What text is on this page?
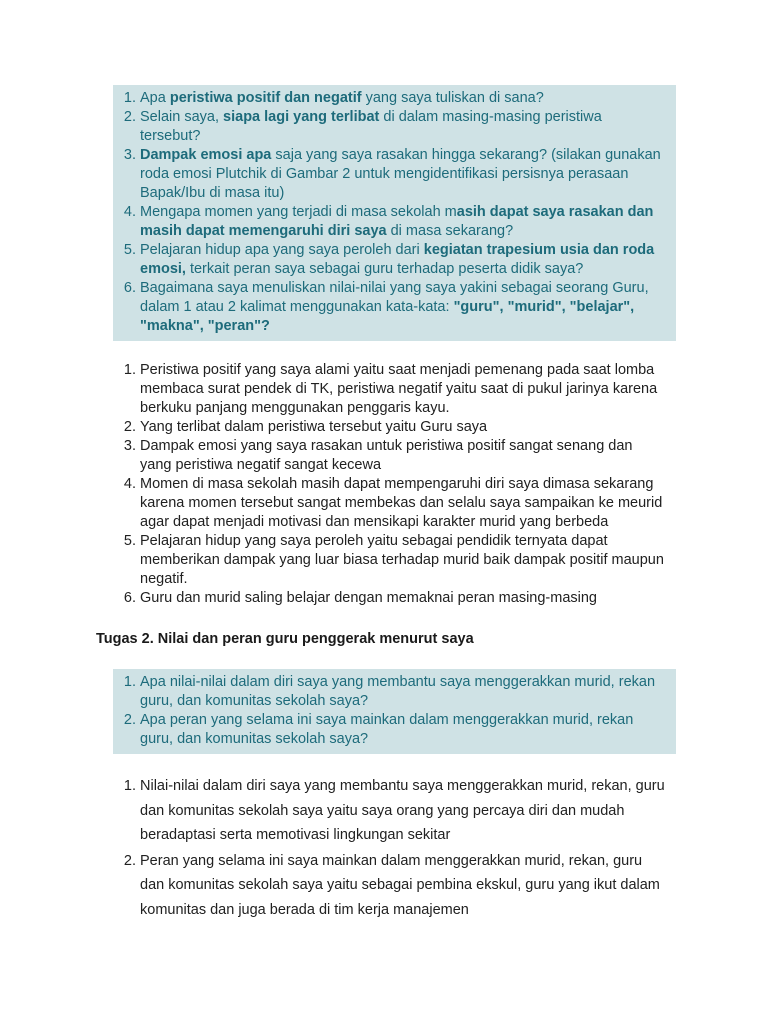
1. Apa peristiwa positif dan negatif yang saya tuliskan di sana?
2. Selain saya, siapa lagi yang terlibat di dalam masing-masing peristiwa tersebut?
3. Dampak emosi apa saja yang saya rasakan hingga sekarang? (silakan gunakan roda emosi Plutchik di Gambar 2 untuk mengidentifikasi persisnya perasaan Bapak/Ibu di masa itu)
4. Mengapa momen yang terjadi di masa sekolah masih dapat saya rasakan dan masih dapat memengaruhi diri saya di masa sekarang?
5. Pelajaran hidup apa yang saya peroleh dari kegiatan trapesium usia dan roda emosi, terkait peran saya sebagai guru terhadap peserta didik saya?
6. Bagaimana saya menuliskan nilai-nilai yang saya yakini sebagai seorang Guru, dalam 1 atau 2 kalimat menggunakan kata-kata: "guru", "murid", "belajar", "makna", "peran"?
1. Peristiwa positif yang saya alami yaitu saat menjadi pemenang pada saat lomba membaca surat pendek di TK, peristiwa negatif yaitu saat di pukul jarinya karena berkuku panjang menggunakan penggaris kayu.
2. Yang terlibat dalam peristiwa tersebut yaitu Guru saya
3. Dampak emosi yang saya rasakan untuk peristiwa positif sangat senang dan yang peristiwa negatif sangat kecewa
4. Momen di masa sekolah masih dapat mempengaruhi diri saya dimasa sekarang karena momen tersebut sangat membekas dan selalu saya sampaikan ke meurid agar dapat menjadi motivasi dan mensikapi karakter murid yang berbeda
5. Pelajaran hidup yang saya peroleh yaitu sebagai pendidik ternyata dapat memberikan dampak yang luar biasa terhadap murid baik dampak positif maupun negatif.
6. Guru dan murid saling belajar dengan memaknai peran masing-masing

Tugas 2. Nilai dan peran guru penggerak menurut saya

1. Apa nilai-nilai dalam diri saya yang membantu saya menggerakkan murid, rekan guru, dan komunitas sekolah saya?
2. Apa peran yang selama ini saya mainkan dalam menggerakkan murid, rekan guru, dan komunitas sekolah saya?
1. Nilai-nilai dalam diri saya yang membantu saya menggerakkan murid, rekan, guru dan komunitas sekolah saya yaitu saya orang yang percaya diri dan mudah beradaptasi serta memotivasi lingkungan sekitar
2. Peran yang selama ini saya mainkan dalam menggerakkan murid, rekan, guru dan komunitas sekolah saya yaitu sebagai pembina ekskul, guru yang ikut dalam komunitas dan juga berada di tim kerja manajemen
